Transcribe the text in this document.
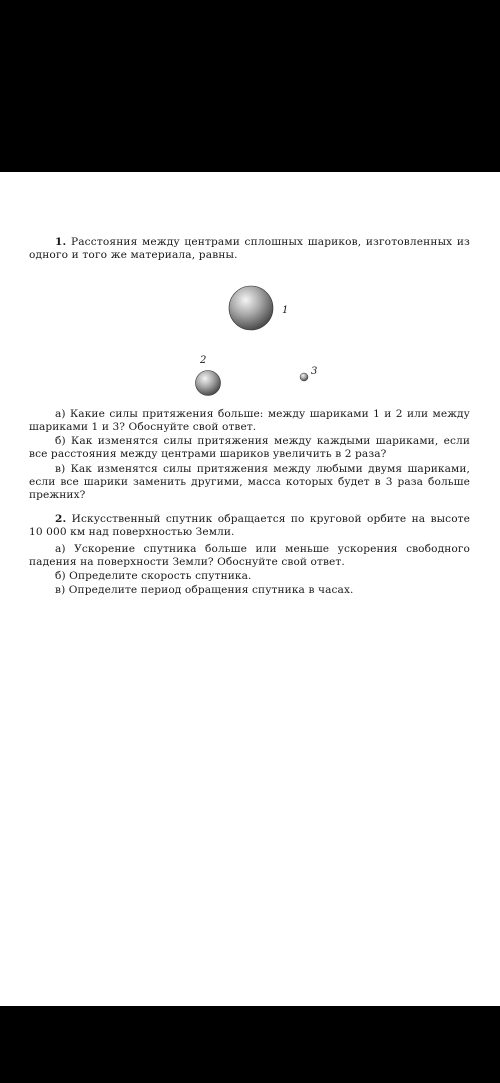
1. Расстояния между центрами сплошных шариков, изготовленных из одного и того же материала, равны.
1
2
3
а) Какие силы притяжения больше: между шариками 1 и 2 или между шариками 1 и 3? Обоснуйте свой ответ.
б) Как изменятся силы притяжения между каждыми шариками, если все расстояния между центрами шариков увеличить в 2 раза?
в) Как изменятся силы притяжения между любыми двумя шариками, если все шарики заменить другими, масса которых будет в 3 раза больше прежних?
2. Искусственный спутник обращается по круговой орбите на высоте 10 000 км над поверхностью Земли.
а) Ускорение спутника больше или меньше ускорения свободного падения на поверхности Земли? Обоснуйте свой ответ.
б) Определите скорость спутника.
в) Определите период обращения спутника в часах.
